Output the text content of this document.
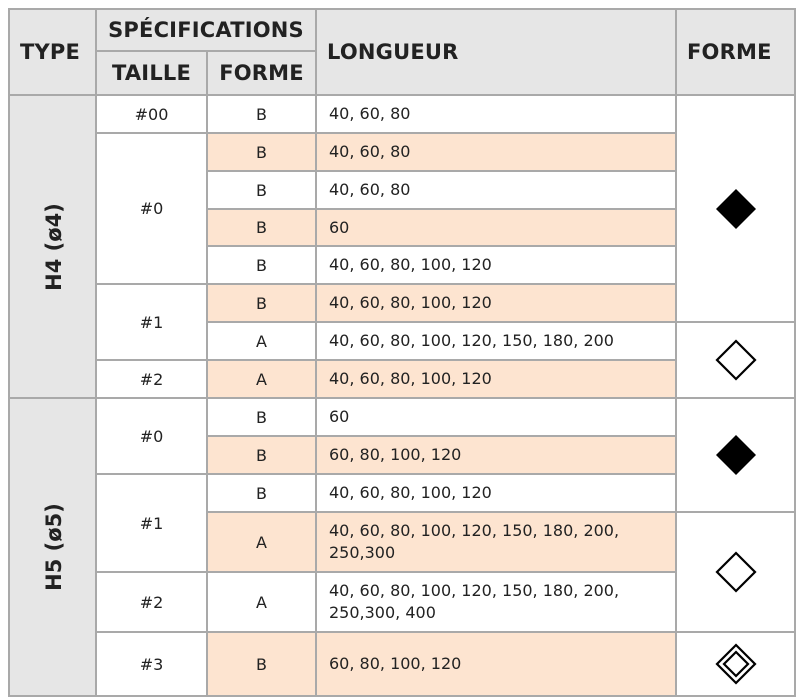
TYPE	SPÉCIFICATIONS		LONGUEUR	FORME
	TAILLE	FORME		
H4 (ø4)	#00	B	40, 60, 80	

	#0	B	40, 60, 80	
		B	40, 60, 80	
		B	60	
		B	40, 60, 80, 100, 120	
	#1	B	40, 60, 80, 100, 120	
		A	40, 60, 80, 100, 120, 150, 180, 200	

	#2	A	40, 60, 80, 100, 120	
H5 (ø5)	#0	B	60	

		B	60, 80, 100, 120	
	#1	B	40, 60, 80, 100, 120	
		A	40, 60, 80, 100, 120, 150, 180, 200,
250,300

	#2	A	40, 60, 80, 100, 120, 150, 180, 200,
250,300, 400	

	#3	B	60, 80, 100, 120	
